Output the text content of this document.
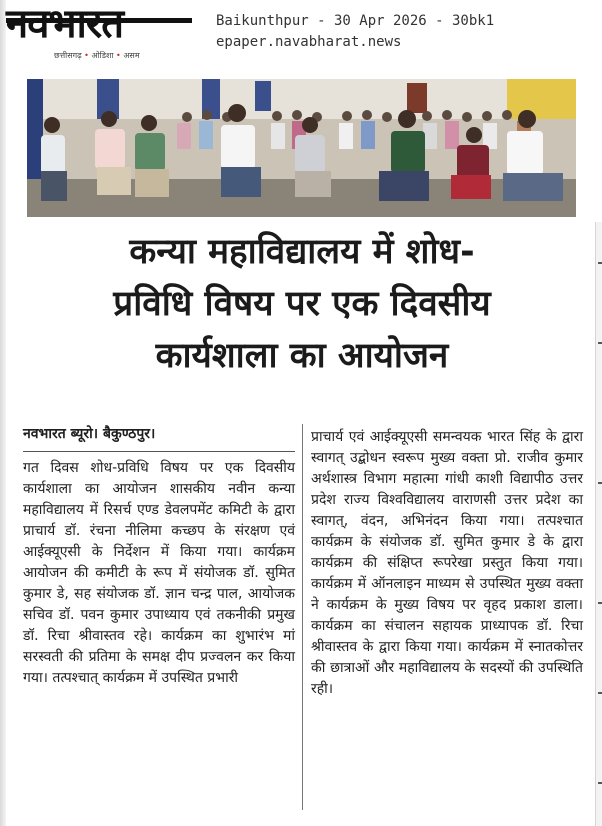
नवभारत
छत्तीसगढ़ • ओडिशा • असम
Baikunthpur - 30 Apr 2026 - 30bk1
epaper.navabharat.news
कन्या महाविद्यालय में शोध-
प्रविधि विषय पर एक दिवसीय
कार्यशाला का आयोजन
नवभारत ब्यूरो। बैकुण्ठपुर।
गत दिवस शोध-प्रविधि विषय पर एक दिवसीय कार्यशाला का आयोजन शासकीय नवीन कन्या महाविद्यालय में रिसर्च एण्ड डेवलपमेंट कमिटी के द्वारा प्राचार्य डॉ. रंचना नीलिमा कच्छप के संरक्षण एवं आईक्यूएसी के निर्देशन में किया गया। कार्यक्रम आयोजन की कमीटी के रूप में संयोजक डॉ. सुमित कुमार डे, सह संयोजक डॉ. ज्ञान चन्द्र पाल, आयोजक सचिव डॉ. पवन कुमार उपाध्याय एवं तकनीकी प्रमुख डॉ. रिचा श्रीवास्तव रहे। कार्यक्रम का शुभारंभ मां सरस्वती की प्रतिमा के समक्ष दीप प्रज्वलन कर किया गया। तत्पश्चात् कार्यक्रम में उपस्थित प्रभारी
प्राचार्य एवं आईक्यूएसी समन्वयक भारत सिंह के द्वारा स्वागत् उद्बोधन स्वरूप मुख्य वक्ता प्रो. राजीव कुमार अर्थशास्त्र विभाग महात्मा गांधी काशी विद्यापीठ उत्तर प्रदेश राज्य विश्वविद्यालय वाराणसी उत्तर प्रदेश का स्वागत्, वंदन, अभिनंदन किया गया। तत्पश्चात कार्यक्रम के संयोजक डॉ. सुमित कुमार डे के द्वारा कार्यक्रम की संक्षिप्त रूपरेखा प्रस्तुत किया गया। कार्यक्रम में ऑनलाइन माध्यम से उपस्थित मुख्य वक्ता ने कार्यक्रम के मुख्य विषय पर वृहद प्रकाश डाला। कार्यक्रम का संचालन सहायक प्राध्यापक डॉ. रिचा श्रीवास्तव के द्वारा किया गया। कार्यक्रम में स्नातकोत्तर की छात्राओं और महाविद्यालय के सदस्यों की उपस्थिति रही।
